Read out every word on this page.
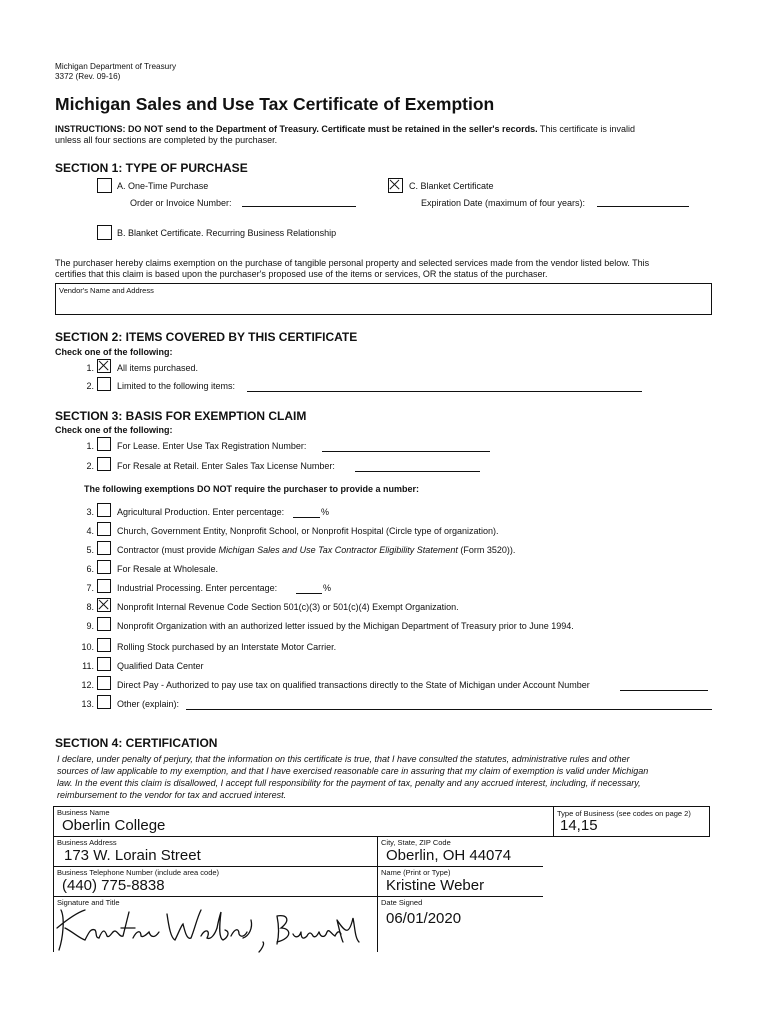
Michigan Department of Treasury
3372 (Rev. 09-16)
Michigan Sales and Use Tax Certificate of Exemption
INSTRUCTIONS: DO NOT send to the Department of Treasury. Certificate must be retained in the seller's records. This certificate is invalid
unless all four sections are completed by the purchaser.
SECTION 1: TYPE OF PURCHASE
A. One-Time Purchase
Order or Invoice Number:
C. Blanket Certificate
Expiration Date (maximum of four years):
B. Blanket Certificate. Recurring Business Relationship
The purchaser hereby claims exemption on the purchase of tangible personal property and selected services made from the vendor listed below. This
certifies that this claim is based upon the purchaser's proposed use of the items or services, OR the status of the purchaser.
Vendor's Name and Address
SECTION 2: ITEMS COVERED BY THIS CERTIFICATE
Check one of the following:
1.	All items purchased.
2.	Limited to the following items:
SECTION 3: BASIS FOR EXEMPTION CLAIM
Check one of the following:
1.	For Lease. Enter Use Tax Registration Number:
2.	For Resale at Retail. Enter Sales Tax License Number:
3.	Agricultural Production. Enter percentage:	%
4.	Church, Government Entity, Nonprofit School, or Nonprofit Hospital (Circle type of organization).
5.	Contractor (must provide Michigan Sales and Use Tax Contractor Eligibility Statement (Form 3520)).
6.	For Resale at Wholesale.
7.	Industrial Processing. Enter percentage:	%
8.	Nonprofit Internal Revenue Code Section 501(c)(3) or 501(c)(4) Exempt Organization.
9.	Nonprofit Organization with an authorized letter issued by the Michigan Department of Treasury prior to June 1994.
10.	Rolling Stock purchased by an Interstate Motor Carrier.
11.	Qualified Data Center
12.	Direct Pay - Authorized to pay use tax on qualified transactions directly to the State of Michigan under Account Number
13.	Other (explain):
The following exemptions DO NOT require the purchaser to provide a number:
SECTION 4: CERTIFICATION
I declare, under penalty of perjury, that the information on this certificate is true, that I have consulted the statutes, administrative rules and other
sources of law applicable to my exemption, and that I have exercised reasonable care in assuring that my claim of exemption is valid under Michigan
law. In the event this claim is disallowed, I accept full responsibility for the payment of tax, penalty and any accrued interest, including, if necessary,
reimbursement to the vendor for tax and accrued interest.
Business Name
Oberlin College
Type of Business (see codes on page 2)
14,15
Business Address
173 W. Lorain Street
City, State, ZIP Code
Oberlin, OH 44074
Business Telephone Number (include area code)
(440) 775-8838
Name (Print or Type)
Kristine Weber
Signature and Title	Date Signed
06/01/2020
